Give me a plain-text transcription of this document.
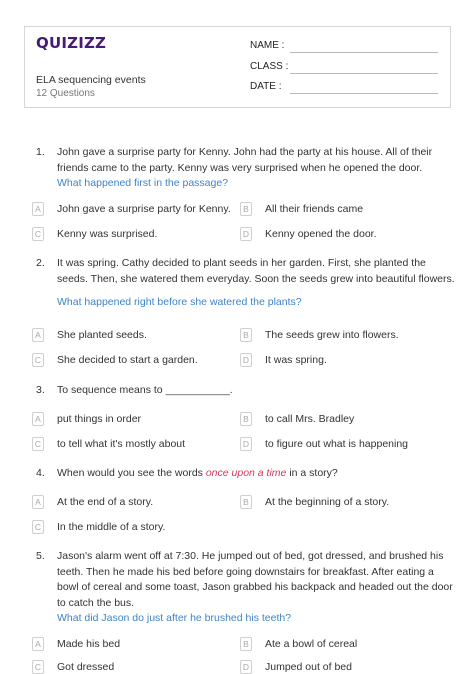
QUIZIZZ
ELA sequencing events
12 Questions
NAME :
CLASS :
DATE :
1.	John gave a surprise party for Kenny. John had the party at his house. All of their friends came to the party. Kenny was very surprised when he opened the door.
What happened first in the passage?
A	John gave a surprise party for Kenny.	B	All their friends came
C Kenny was surprised.	D Kenny opened the door.
2.	It was spring. Cathy decided to plant seeds in her garden. First, she planted the seeds. Then, she watered them everyday. Soon the seeds grew into beautiful flowers.
What happened right before she watered the plants?
A	She planted seeds.	B	The seeds grew into flowers.
C She decided to start a garden.	D It was spring.
3.	To sequence means to ___________.
A	put things in order	B	to call Mrs. Bradley
C to tell what it's mostly about	D to figure out what is happening
4.	When would you see the words once upon a time in a story?
A	At the end of a story.	B	At the beginning of a story.
C In the middle of a story.
5.	Jason's alarm went off at 7:30. He jumped out of bed, got dressed, and brushed his teeth. Then he made his bed before going downstairs for breakfast. After eating a bowl of cereal and some toast, Jason grabbed his backpack and headed out the door to catch the bus.
What did Jason do just after he brushed his teeth?
A	Made his bed	B	Ate a bowl of cereal
C Got dressed	D Jumped out of bed
